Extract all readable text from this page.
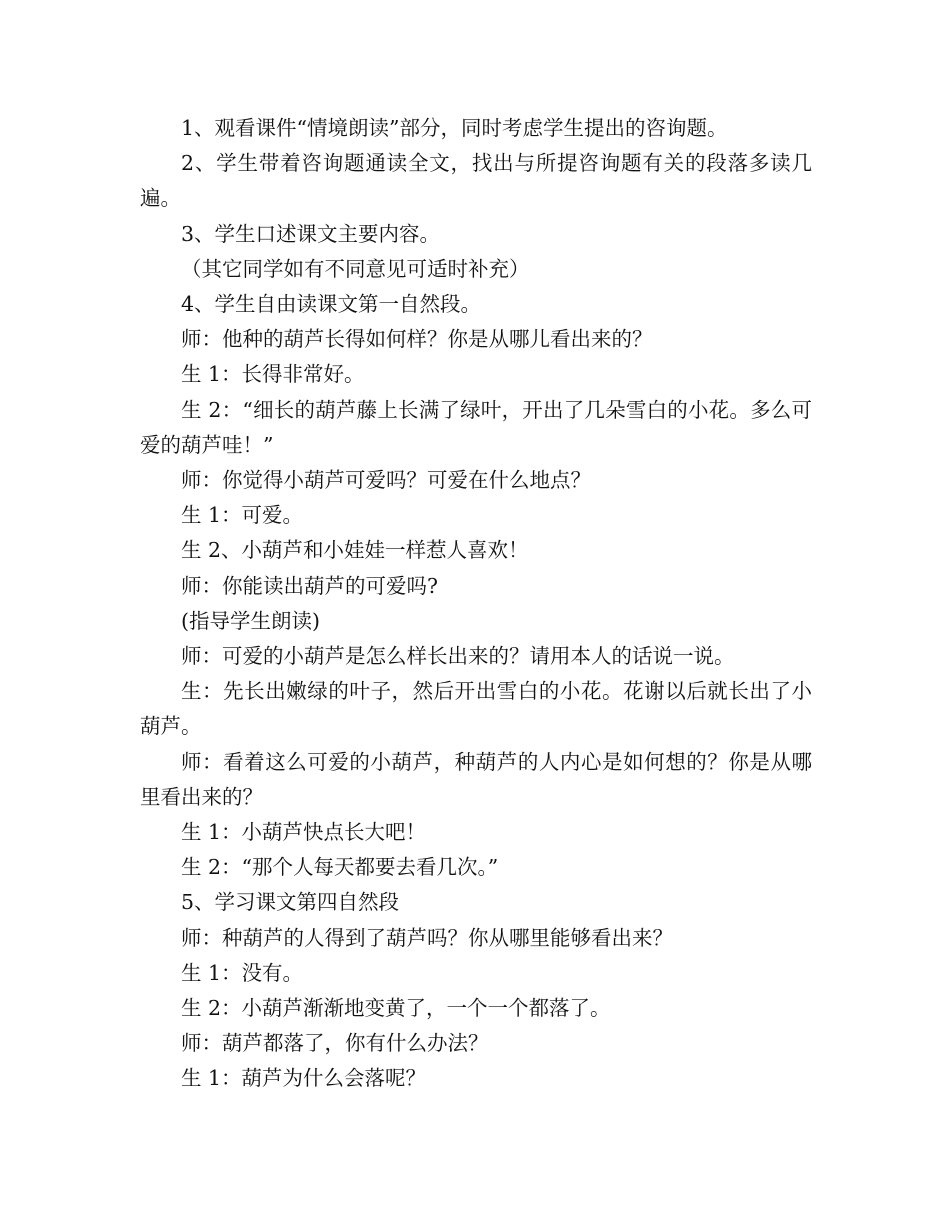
1、观看课件“情境朗读”部分，同时考虑学生提出的咨询题。

2、学生带着咨询题通读全文，找出与所提咨询题有关的段落多读几遍。

3、学生口述课文主要内容。

（其它同学如有不同意见可适时补充）

4、学生自由读课文第一自然段。

师：他种的葫芦长得如何样？你是从哪儿看出来的？

生 1：长得非常好。

生 2：“细长的葫芦藤上长满了绿叶，开出了几朵雪白的小花。多么可爱的葫芦哇！”

师：你觉得小葫芦可爱吗？可爱在什么地点？

生 1：可爱。

生 2、小葫芦和小娃娃一样惹人喜欢！

师：你能读出葫芦的可爱吗?

(指导学生朗读)

师：可爱的小葫芦是怎么样长出来的？请用本人的话说一说。

生：先长出嫩绿的叶子，然后开出雪白的小花。花谢以后就长出了小葫芦。

师：看着这么可爱的小葫芦，种葫芦的人内心是如何想的？你是从哪里看出来的？

生 1：小葫芦快点长大吧！

生 2：“那个人每天都要去看几次。”

5、学习课文第四自然段

师：种葫芦的人得到了葫芦吗？你从哪里能够看出来？

生 1：没有。

生 2：小葫芦渐渐地变黄了，一个一个都落了。

师：葫芦都落了，你有什么办法？

生 1：葫芦为什么会落呢？
